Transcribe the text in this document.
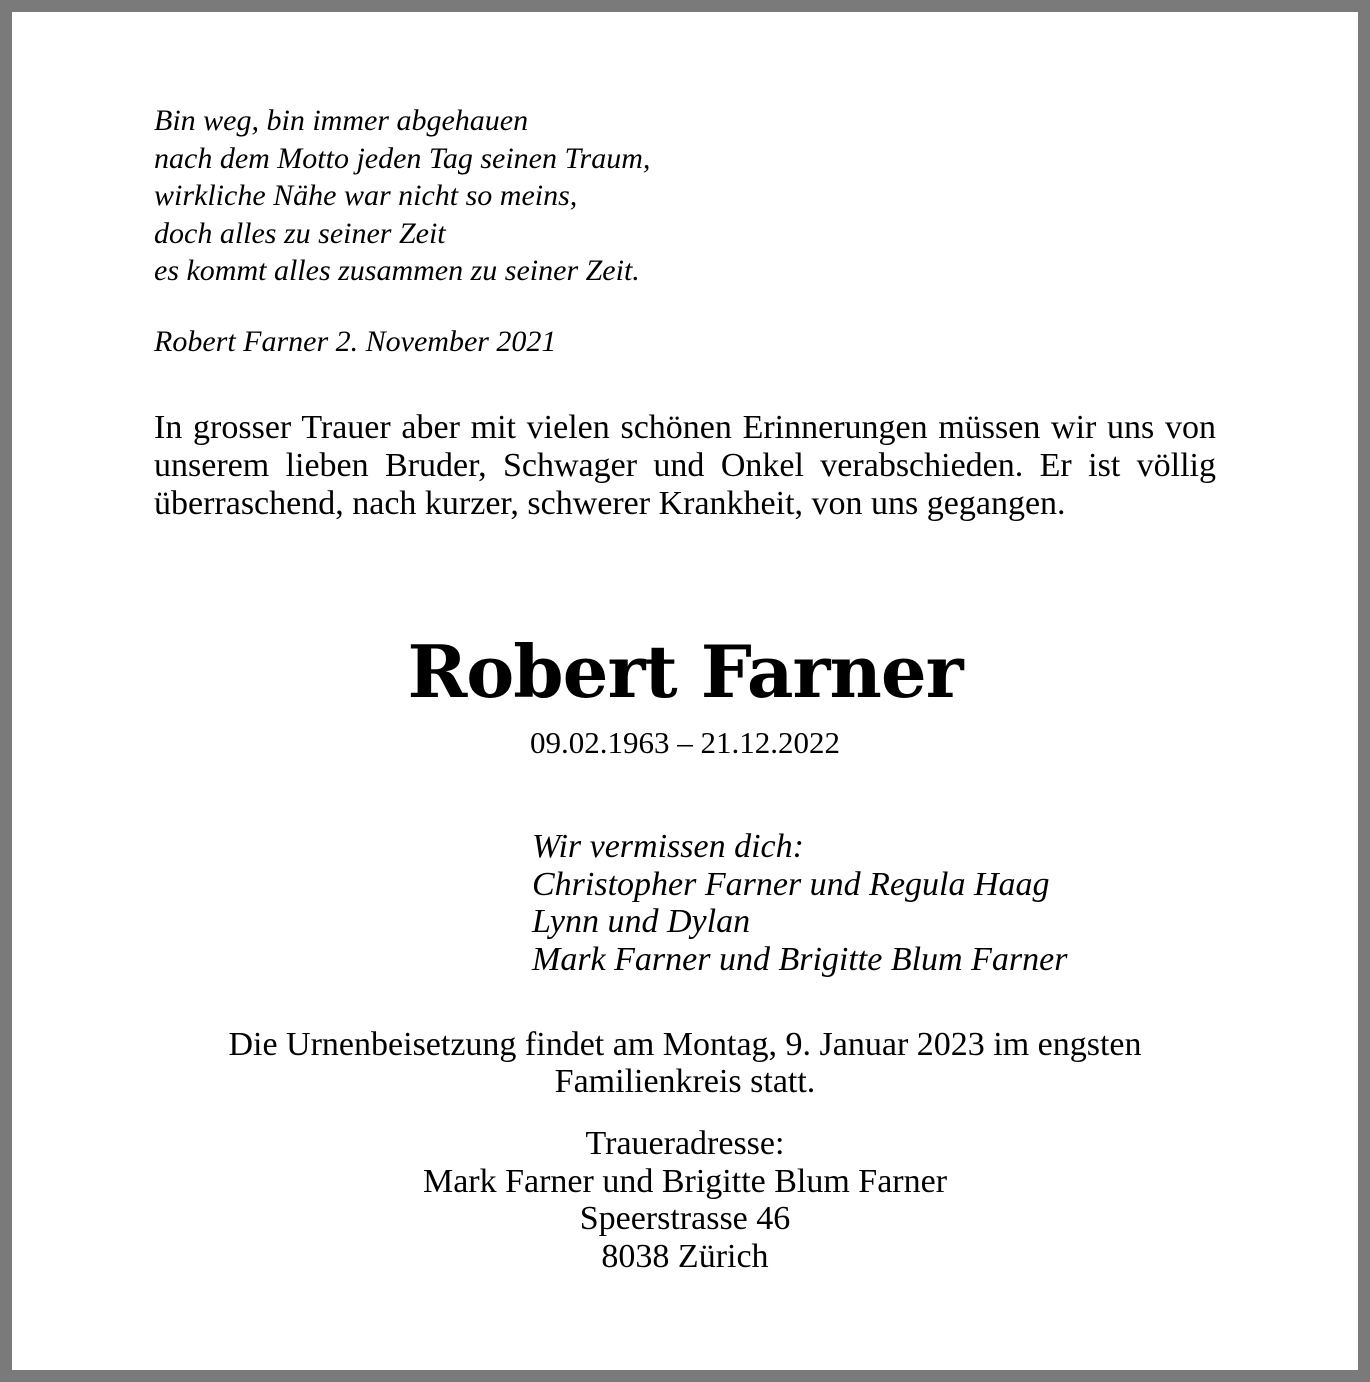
Bin weg, bin immer abgehauen
nach dem Motto jeden Tag seinen Traum,
wirkliche Nähe war nicht so meins,
doch alles zu seiner Zeit
es kommt alles zusammen zu seiner Zeit.
Robert Farner 2. November 2021
In grosser Trauer aber mit vielen schönen Erinnerungen müssen wir uns von unserem lieben Bruder, Schwager und Onkel verabschieden. Er ist völlig überraschend, nach kurzer, schwerer Krankheit, von uns gegangen.
Robert Farner
09.02.1963 – 21.12.2022
Wir vermissen dich:
Christopher Farner und Regula Haag
Lynn und Dylan
Mark Farner und Brigitte Blum Farner
Die Urnenbeisetzung findet am Montag, 9. Januar 2023 im engsten
Familienkreis statt.
Traueradresse:
Mark Farner und Brigitte Blum Farner
Speerstrasse 46
8038 Zürich
